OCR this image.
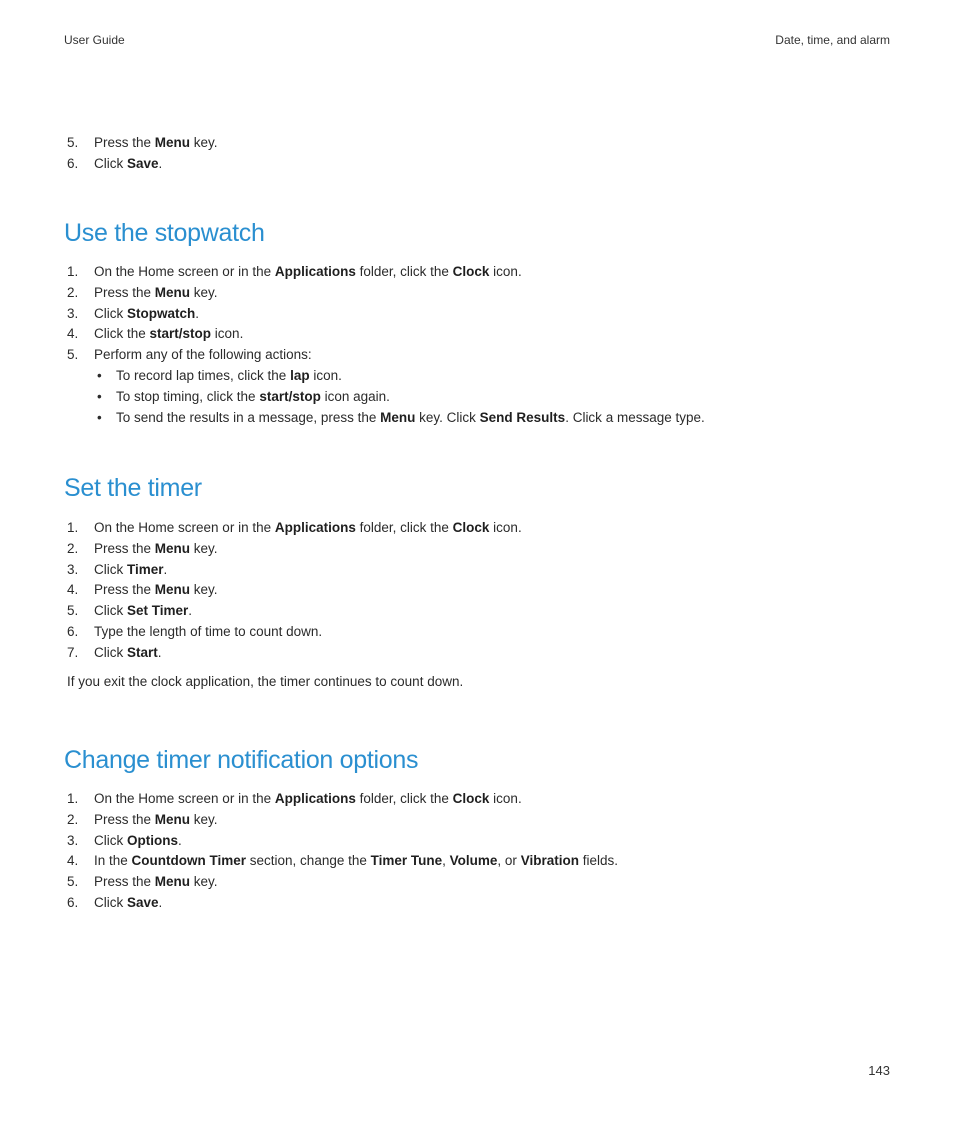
User Guide	Date, time, and alarm
5. Press the Menu key.
6. Click Save.
Use the stopwatch
1. On the Home screen or in the Applications folder, click the Clock icon.
2. Press the Menu key.
3. Click Stopwatch.
4. Click the start/stop icon.
5. Perform any of the following actions:
• To record lap times, click the lap icon.
• To stop timing, click the start/stop icon again.
• To send the results in a message, press the Menu key. Click Send Results. Click a message type.
Set the timer
1. On the Home screen or in the Applications folder, click the Clock icon.
2. Press the Menu key.
3. Click Timer.
4. Press the Menu key.
5. Click Set Timer.
6. Type the length of time to count down.
7. Click Start.

If you exit the clock application, the timer continues to count down.

Change timer notification options
1. On the Home screen or in the Applications folder, click the Clock icon.
2. Press the Menu key.
3. Click Options.
4. In the Countdown Timer section, change the Timer Tune, Volume, or Vibration fields.
5. Press the Menu key.
6. Click Save.
143
